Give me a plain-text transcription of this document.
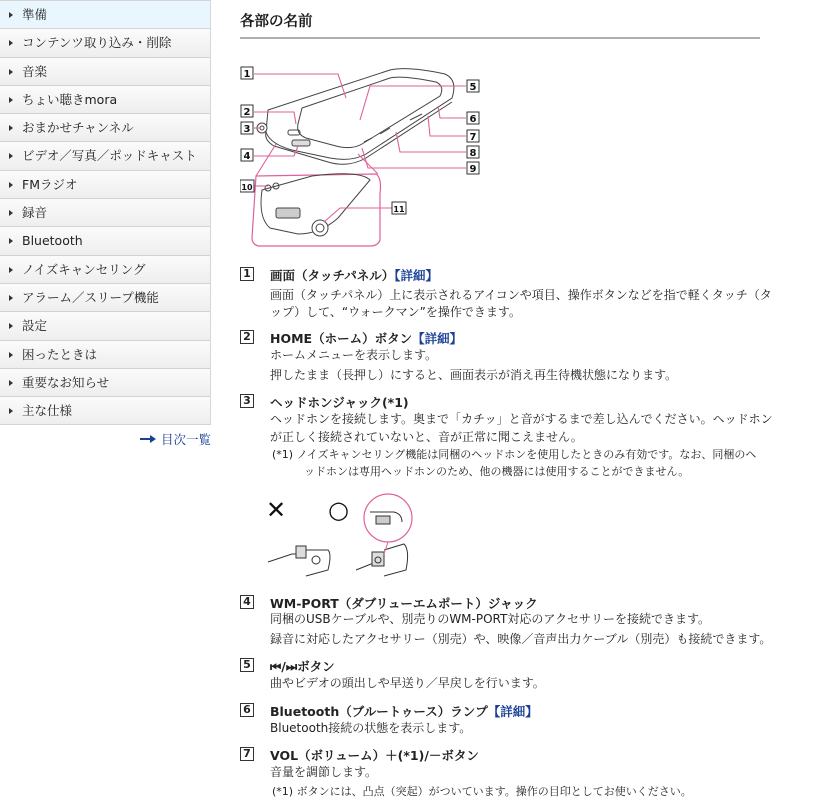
準備
コンテンツ取り込み・削除
音楽
ちょい聴きmora
おまかせチャンネル
ビデオ／写真／ポッドキャスト
FMラジオ
録音
Bluetooth
ノイズキャンセリング
アラーム／スリープ機能
設定
困ったときは
重要なお知らせ
主な仕様
目次一覧
各部の名前
1
2
3
4
5
6
7
8
9
10
11
1 画面（タッチパネル）【詳細】
画面（タッチパネル）上に表示されるアイコンや項目、操作ボタンなどを指で軽くタッチ（タ
ップ）して、“ウォークマン”を操作できます。
2 HOME（ホーム）ボタン【詳細】
ホームメニューを表示します。
押したまま（長押し）にすると、画面表示が消え再生待機状態になります。
3 ヘッドホンジャック(*1)
ヘッドホンを接続します。奥まで「カチッ」と音がするまで差し込んでください。ヘッドホン
が正しく接続されていないと、音が正常に聞こえません。
(*1) ノイズキャンセリング機能は同梱のヘッドホンを使用したときのみ有効です。なお、同梱のヘ
ッドホンは専用ヘッドホンのため、他の機器には使用することができません。
✕ ○
4 WM-PORT（ダブリューエムポート）ジャック
同梱のUSBケーブルや、別売りのWM-PORT対応のアクセサリーを接続できます。
録音に対応したアクセサリー（別売）や、映像／音声出力ケーブル（別売）も接続できます。
5 ⏮/⏭ボタン
曲やビデオの頭出しや早送り／早戻しを行います。
6 Bluetooth（ブルートゥース）ランプ【詳細】
Bluetooth接続の状態を表示します。
7 VOL（ボリューム）＋(*1)/－ボタン
音量を調節します。
(*1) ボタンには、凸点（突起）がついています。操作の目印としてお使いください。
